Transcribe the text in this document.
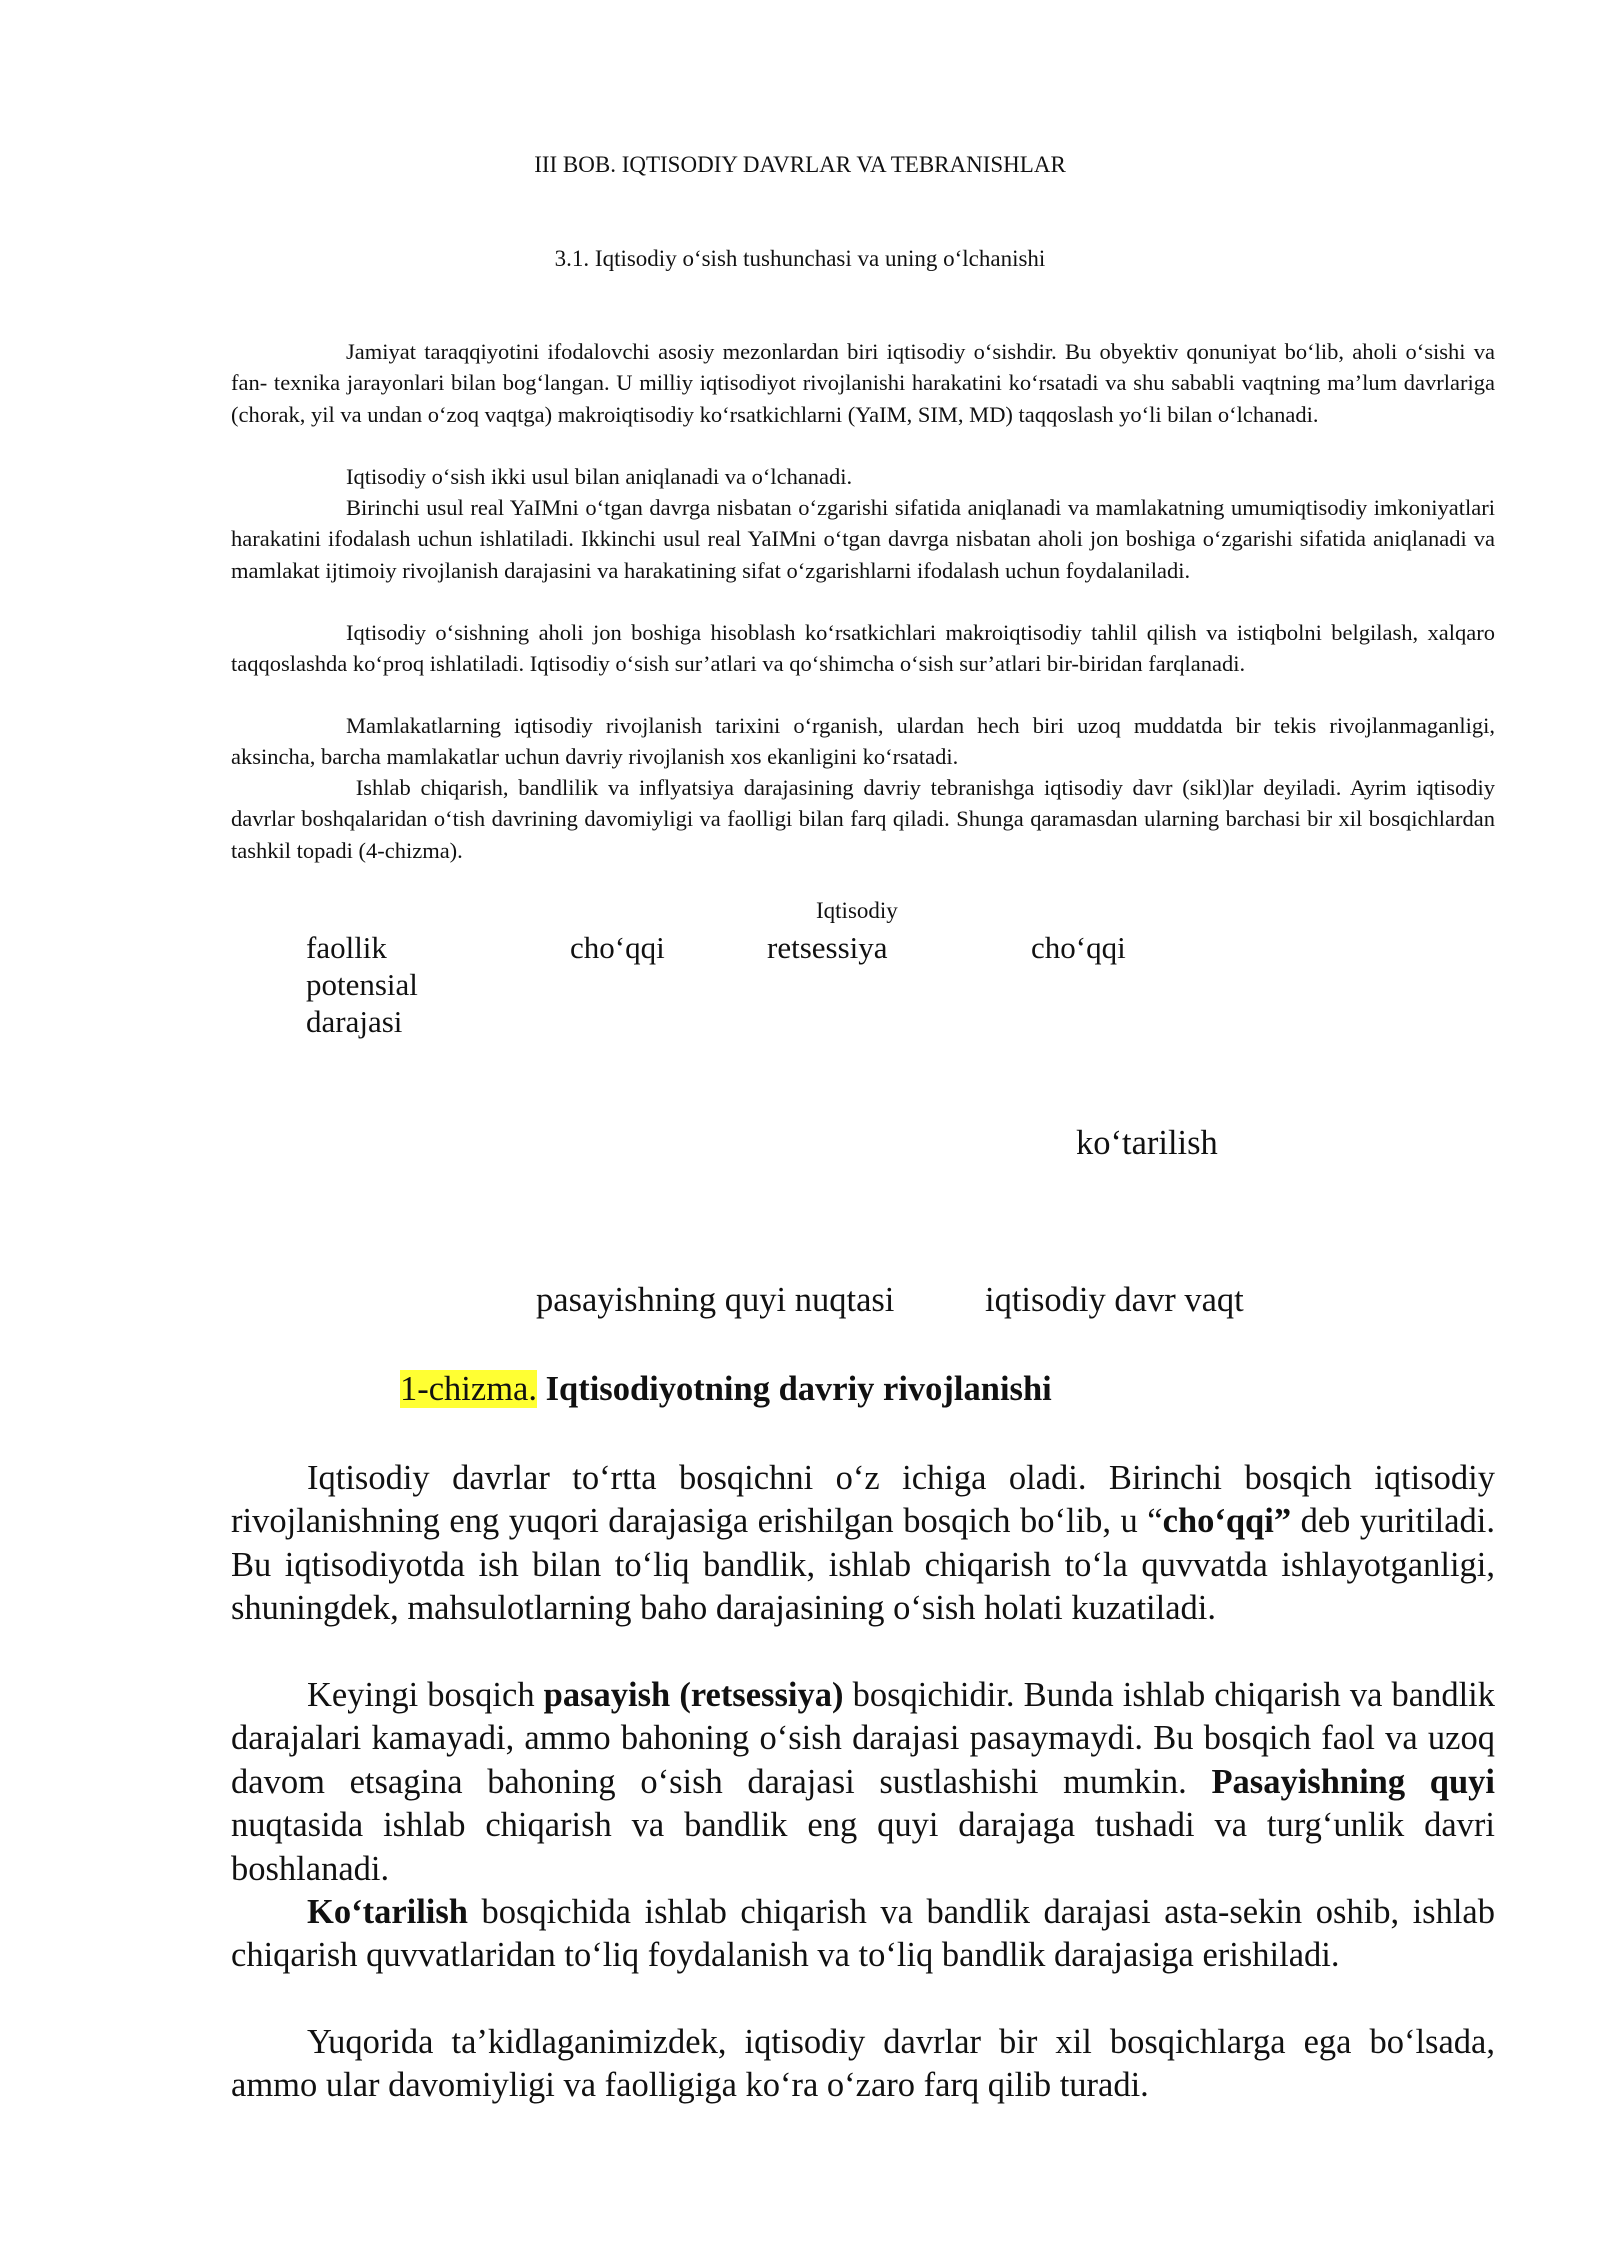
III BOB. IQTISODIY DAVRLAR VA TEBRANISHLAR
3.1. Iqtisodiy o‘sish tushunchasi va uning o‘lchanishi

Jamiyat taraqqiyotini ifodalovchi asosiy mezonlardan biri iqtisodiy o‘sishdir. Bu obyektiv qonuniyat bo‘lib, aholi o‘sishi va fan- texnika jarayonlari bilan bog‘langan. U milliy iqtisodiyot rivojlanishi harakatini ko‘rsatadi va shu sababli vaqtning ma’lum davrlariga (chorak, yil va undan o‘zoq vaqtga) makroiqtisodiy ko‘rsatkichlarni (YaIM, SIM, MD) taqqoslash yo‘li bilan o‘lchanadi.

Iqtisodiy o‘sish ikki usul bilan aniqlanadi va o‘lchanadi.

Birinchi usul real YaIMni o‘tgan davrga nisbatan o‘zgarishi sifatida aniqlanadi va mamlakatning umumiqtisodiy imkoniyatlari harakatini ifodalash uchun ishlatiladi. Ikkinchi usul real YaIMni o‘tgan davrga nisbatan aholi jon boshiga o‘zgarishi sifatida aniqlanadi va mamlakat ijtimoiy rivojlanish darajasini va harakatining sifat o‘zgarishlarni ifodalash uchun foydalaniladi.

Iqtisodiy o‘sishning aholi jon boshiga hisoblash ko‘rsatkichlari makroiqtisodiy tahlil qilish va istiqbolni belgilash, xalqaro taqqoslashda ko‘proq ishlatiladi. Iqtisodiy o‘sish sur’atlari va qo‘shimcha o‘sish sur’atlari bir-biridan farqlanadi.

Mamlakatlarning iqtisodiy rivojlanish tarixini o‘rganish, ulardan hech biri uzoq muddatda bir tekis rivojlanmaganligi, aksincha, barcha mamlakatlar uchun davriy rivojlanish xos ekanligini ko‘rsatadi.

Ishlab chiqarish, bandlilik va inflyatsiya darajasining davriy tebranishga iqtisodiy davr (sikl)lar deyiladi. Ayrim iqtisodiy davrlar boshqalaridan o‘tish davrining davomiyligi va faolligi bilan farq qiladi. Shunga qaramasdan ularning barchasi bir xil bosqichlardan tashkil topadi (4-chizma).

Iqtisodiy
faollik
potensial
darajasi
cho‘qqi	retsessiya	cho‘qqi
ko‘tarilish
pasayishning quyi nuqtasi	iqtisodiy davr vaqt
1-chizma. Iqtisodiyotning davriy rivojlanishi

Iqtisodiy davrlar to‘rtta bosqichni o‘z ichiga oladi. Birinchi bosqich iqtisodiy rivojlanishning eng yuqori darajasiga erishilgan bosqich bo‘lib, u “cho‘qqi” deb yuritiladi. Bu iqtisodiyotda ish bilan to‘liq bandlik, ishlab chiqarish to‘la quvvatda ishlayotganligi, shuningdek, mahsulotlarning baho darajasining o‘sish holati kuzatiladi.

Keyingi bosqich pasayish (retsessiya) bosqichidir. Bunda ishlab chiqarish va bandlik darajalari kamayadi, ammo bahoning o‘sish darajasi pasaymaydi. Bu bosqich faol va uzoq davom etsagina bahoning o‘sish darajasi sustlashishi mumkin. Pasayishning quyi nuqtasida ishlab chiqarish va bandlik eng quyi darajaga tushadi va turg‘unlik davri boshlanadi.

Ko‘tarilish bosqichida ishlab chiqarish va bandlik darajasi asta-sekin oshib, ishlab chiqarish quvvatlaridan to‘liq foydalanish va to‘liq bandlik darajasiga erishiladi.

Yuqorida ta’kidlaganimizdek, iqtisodiy davrlar bir xil bosqichlarga ega bo‘lsada, ammo ular davomiyligi va faolligiga ko‘ra o‘zaro farq qilib turadi.
